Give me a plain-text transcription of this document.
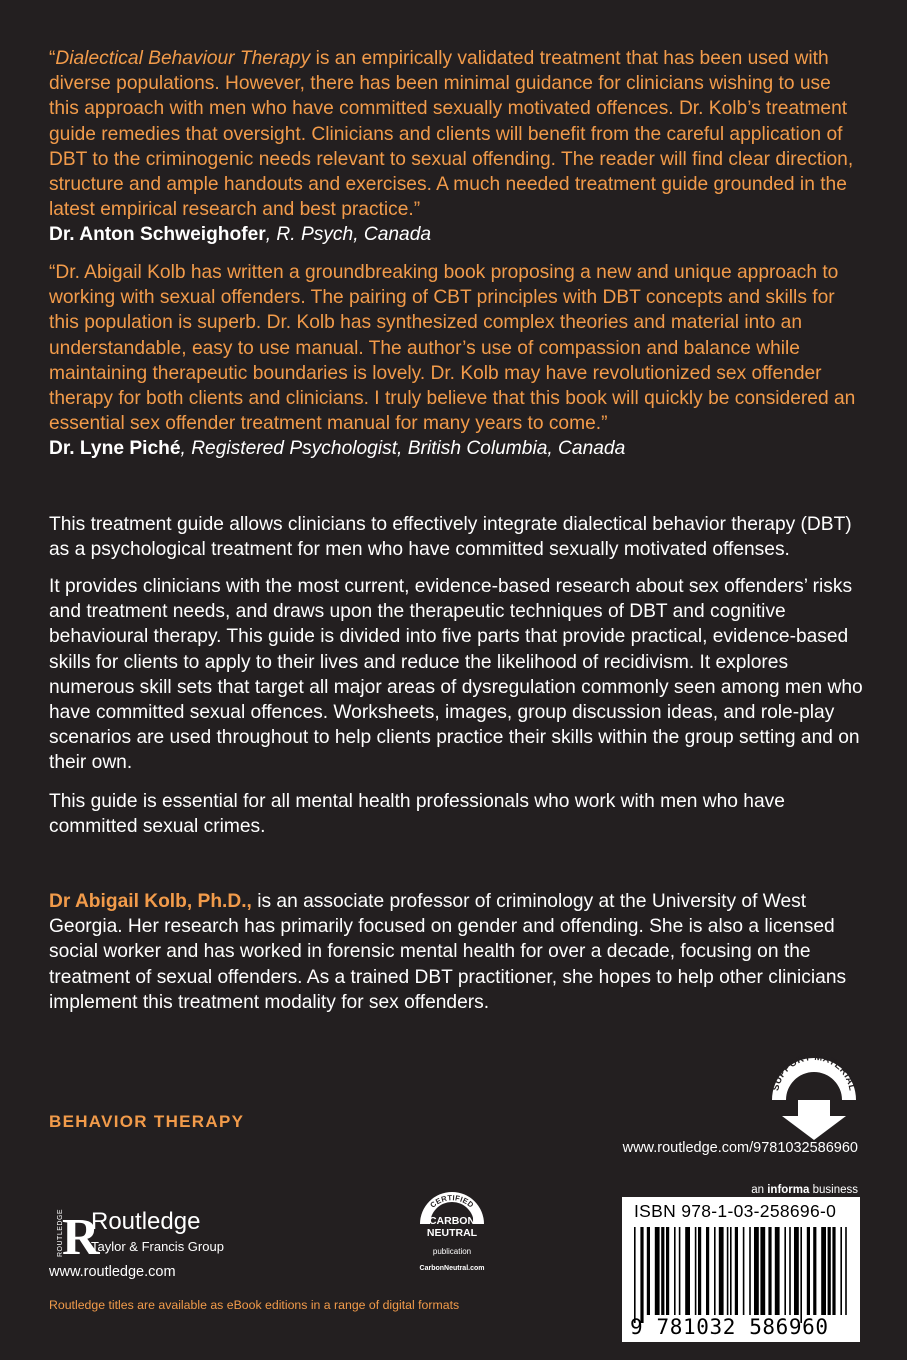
“Dialectical Behaviour Therapy is an empirically validated treatment that has been used with diverse populations. However, there has been minimal guidance for clinicians wishing to use this approach with men who have committed sexually motivated offences. Dr. Kolb’s treatment guide remedies that oversight. Clinicians and clients will benefit from the careful application of DBT to the criminogenic needs relevant to sexual offending. The reader will find clear direction, structure and ample handouts and exercises. A much needed treatment guide grounded in the latest empirical research and best practice.”

Dr. Anton Schweighofer, R. Psych, Canada

“Dr. Abigail Kolb has written a groundbreaking book proposing a new and unique approach to working with sexual offenders. The pairing of CBT principles with DBT concepts and skills for this population is superb. Dr. Kolb has synthesized complex theories and material into an understandable, easy to use manual. The author’s use of compassion and balance while maintaining therapeutic boundaries is lovely. Dr. Kolb may have revolutionized sex offender therapy for both clients and clinicians. I truly believe that this book will quickly be considered an essential sex offender treatment manual for many years to come.”

Dr. Lyne Piché, Registered Psychologist, British Columbia, Canada

This treatment guide allows clinicians to effectively integrate dialectical behavior therapy (DBT) as a psychological treatment for men who have committed sexually motivated offenses.

It provides clinicians with the most current, evidence-based research about sex offenders’ risks and treatment needs, and draws upon the therapeutic techniques of DBT and cognitive behavioural therapy. This guide is divided into five parts that provide practical, evidence-based skills for clients to apply to their lives and reduce the likelihood of recidivism. It explores numerous skill sets that target all major areas of dysregulation commonly seen among men who have committed sexual offences. Worksheets, images, group discussion ideas, and role-play scenarios are used throughout to help clients practice their skills within the group setting and on their own.

This guide is essential for all mental health professionals who work with men who have committed sexual crimes.

Dr Abigail Kolb, Ph.D., is an associate professor of criminology at the University of West Georgia. Her research has primarily focused on gender and offending. She is also a licensed social worker and has worked in forensic mental health for over a decade, focusing on the treatment of sexual offenders. As a trained DBT practitioner, she hopes to help other clinicians implement this treatment modality for sex offenders.

BEHAVIOR THERAPY
SUPPORT MATERIAL
www.routledge.com/9781032586960
an informa business
ISBN 978-1-03-258696-0
9 781032 586960
ROUTLEDGE
R
Routledge
Taylor & Francis Group
www.routledge.com
CERTIFIED
CARBON
NEUTRAL
publication
CarbonNeutral.com
Routledge titles are available as eBook editions in a range of digital formats
